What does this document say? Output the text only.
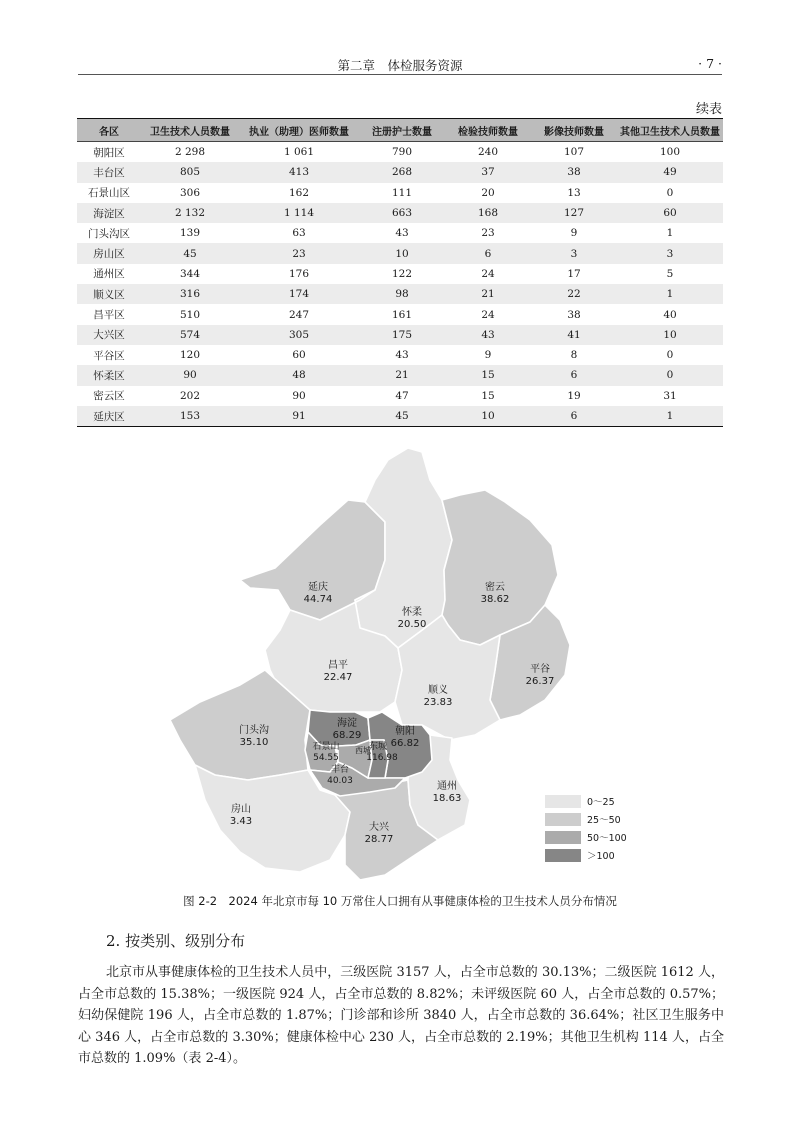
第二章　体检服务资源	· 7 ·
续表
各区	卫生技术人员数量	执业（助理）医师数量	注册护士数量	检验技师数量	影像技师数量	其他卫生技术人员数量
朝阳区	2 298	1 061	790	240	107	100
丰台区	805	413	268	37	38	49
石景山区	306	162	111	20	13	0
海淀区	2 132	1 114	663	168	127	60
门头沟区	139	63	43	23	9	1
房山区	45	23	10	6	3	3
通州区	344	176	122	24	17	5
顺义区	316	174	98	21	22	1
昌平区	510	247	161	24	38	40
大兴区	574	305	175	43	41	10
平谷区	120	60	43	9	8	0
怀柔区	90	48	21	15	6	0
密云区	202	90	47	15	19	31
延庆区	153	91	45	10	6	1
延庆 44.74
怀柔 20.50
密云 38.62
平谷 26.37
昌平 22.47
顺义 23.83
门头沟 35.10
海淀 68.29	朝阳 66.82
石景山 54.55
丰台 40.03
西城
东城 116.98
通州 18.63
房山 3.43
大兴 28.77
0～25
25～50
50～100
＞100
图 2-2　2024 年北京市每 10 万常住人口拥有从事健康体检的卫生技术人员分布情况
2. 按类别、级别分布

北京市从事健康体检的卫生技术人员中，三级医院 3157 人，占全市总数的 30.13%；二级医院 1612 人，占全市总数的 15.38%；一级医院 924 人，占全市总数的 8.82%；未评级医院 60 人，占全市总数的 0.57%；妇幼保健院 196 人，占全市总数的 1.87%；门诊部和诊所 3840 人，占全市总数的 36.64%；社区卫生服务中心 346 人，占全市总数的 3.30%；健康体检中心 230 人，占全市总数的 2.19%；其他卫生机构 114 人，占全市总数的 1.09%（表 2-4）。
